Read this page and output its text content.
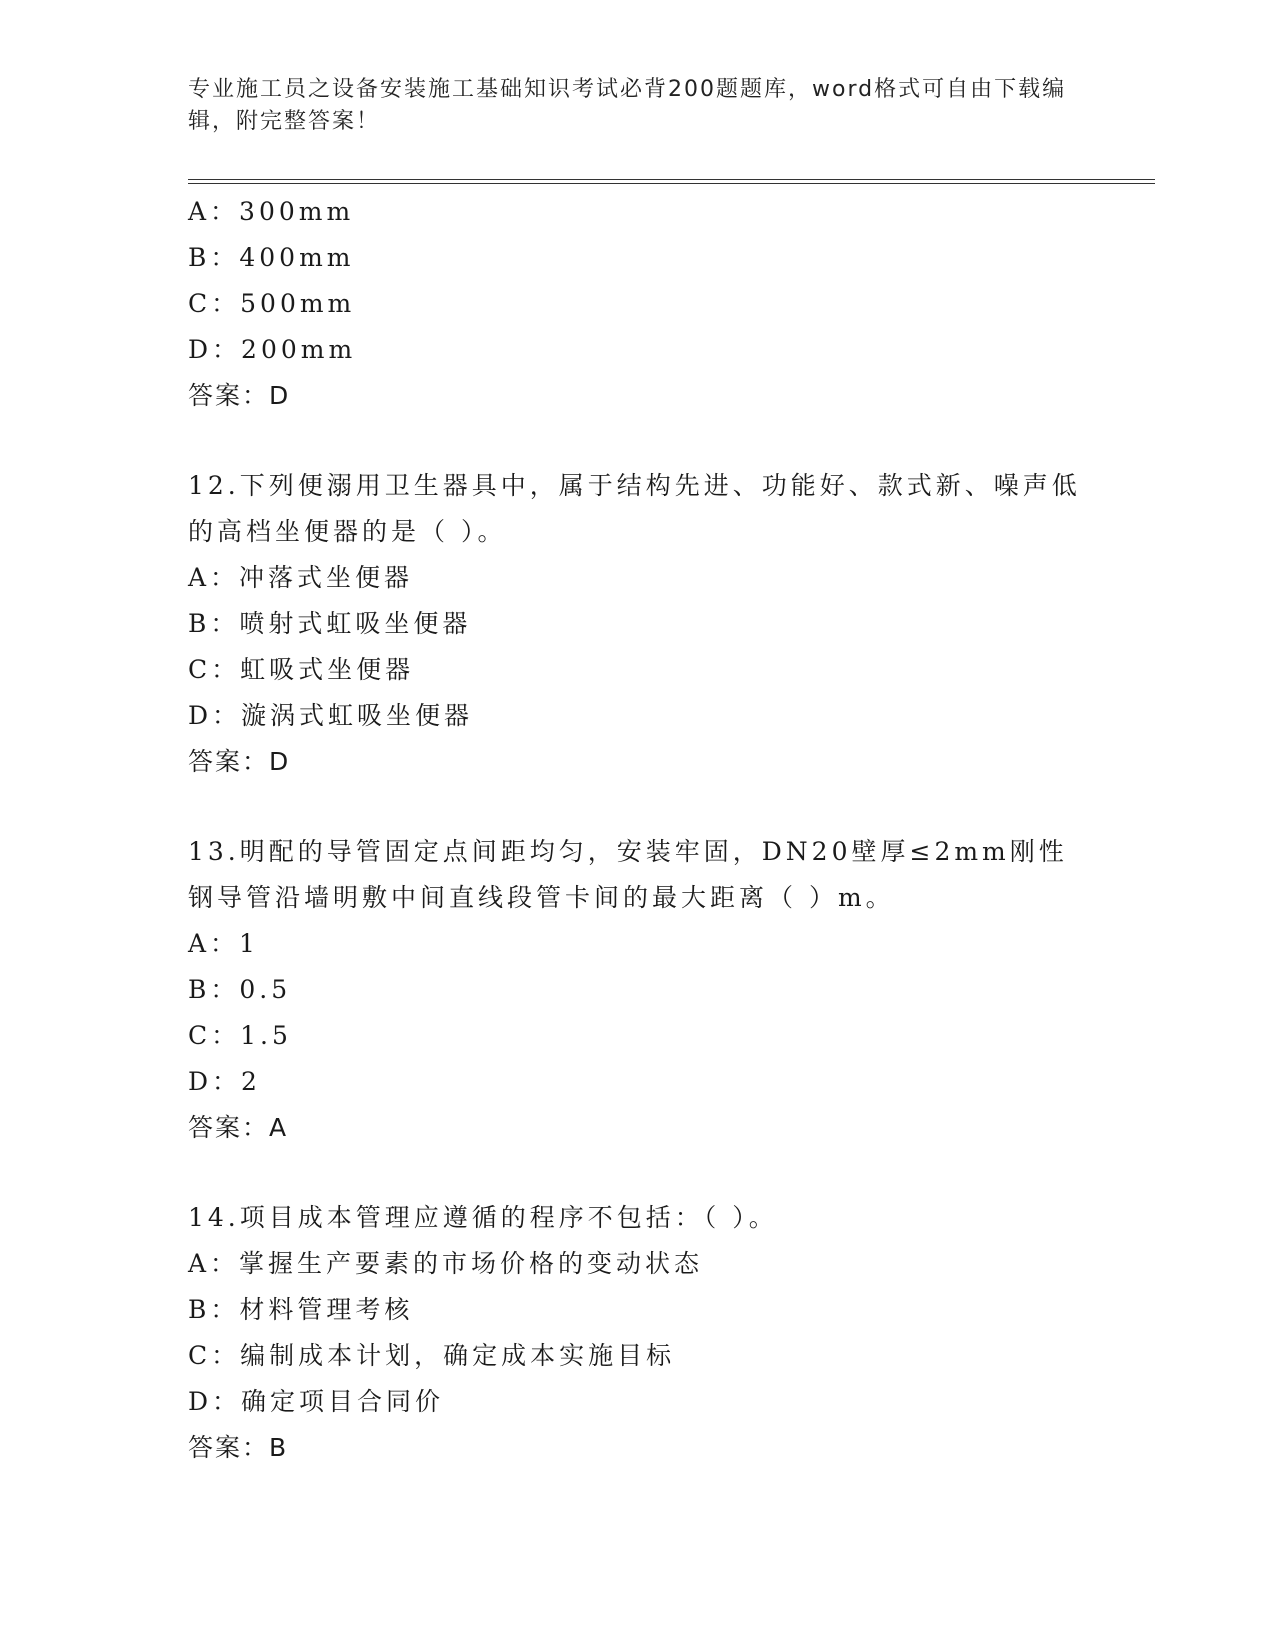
专业施工员之设备安装施工基础知识考试必背200题题库，word格式可自由下载编辑，附完整答案！
A：300mm
B：400mm
C：500mm
D：200mm
答案：D
12.下列便溺用卫生器具中，属于结构先进、功能好、款式新、噪声低的高档坐便器的是（ ）。
A：冲落式坐便器
B：喷射式虹吸坐便器
C：虹吸式坐便器
D：漩涡式虹吸坐便器
答案：D
13.明配的导管固定点间距均匀，安装牢固，DN20壁厚≤2mm刚性钢导管沿墙明敷中间直线段管卡间的最大距离（ ）m。
A：1
B：0.5
C：1.5
D：2
答案：A
14.项目成本管理应遵循的程序不包括：（ ）。
A：掌握生产要素的市场价格的变动状态
B：材料管理考核
C：编制成本计划，确定成本实施目标
D：确定项目合同价
答案：B
